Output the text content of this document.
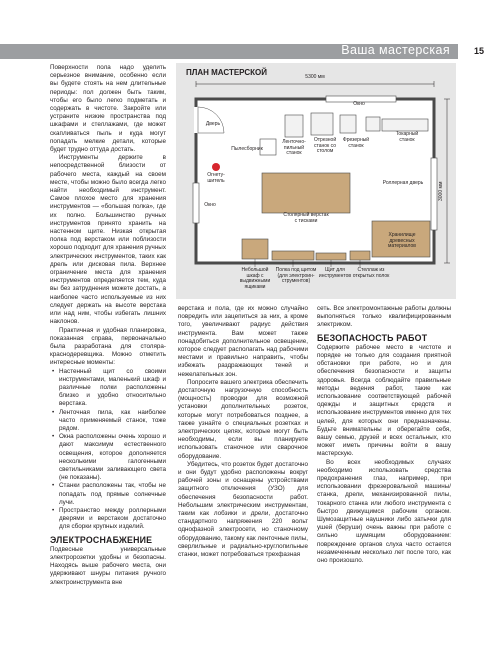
Ваша мастерская	15

Поверхности пола надо уделить серьезное внимание, особенно если вы будете стоять на нем длительные периоды: пол должен быть таким, чтобы его было легко подметать и содержать в чистоте. Закройте или устраните низкие пространства под шкафами и стеллажами, где может скапливаться пыль и куда могут попадать мелкие детали, которые будет трудно оттуда достать.

Инструменты держите в непосредственной близости от рабочего места, каждый на своем месте, чтобы можно было всегда легко найти необходимый инструмент. Самое плохое место для хранения инструментов — «большая полка», где их полно. Большинство ручных инструментов принято хранить на настенном щите. Низкая открытая полка под верстаком или поблизости хорошо подходит для хранения ручных электрических инструментов, таких как дрель или дисковая пила. Верхнее ограничение места для хранения инструментов определяется тем, куда вы без затруднения можете достать, а наиболее часто используемые из них следует держать на высоте верстака или над ним, чтобы избегать лишних наклонов.

Практичная и удобная планировка, показанная справа, первоначально была разработана для столяра-краснодеревщика. Можно отметить интересные моменты:

• Настенный щит со своими инструментами, маленький шкаф и различные полки расположены близко и удобно относительно верстака.
• Ленточная пила, как наиболее часто применяемый станок, тоже рядом.
• Окна расположены очень хорошо и дают максимум естественного освещения, которое дополняется несколькими галогенными светильниками заливающего света (не показаны).
• Станки расположены так, чтобы не попадать под прямые солнечные лучи.
• Пространство между роллерными дверями и верстаком достаточно для сборки крупных изделий.
ЭЛЕКТРОСНАБЖЕНИЕ

Подвесные универсальные электророзетки удобны и безопасны. Находясь выше рабочего места, они удерживают шнуры питания ручного электроинструмента вне

ПЛАН МАСТЕРСКОЙ	5300 мм
3000 мм
Окно
Дверь
Пылесборник
Ленточно-
пильный
станок
Отрезной
станок со
столом
Фрезерный
станок
Токарный станок
Огнету-
шитель	Роллерная дверь
Окно
Столярный верстак
с тисками
Хранилище
древесных
материалов
Небольшой
шкаф с
выдвижными
ящиками
Полка под щитом
(для электроин-
струментов)
Щит для
инструментов
Стеллаж из
открытых полок

верстака и пола, где их можно случайно повредить или зацепиться за них, а кроме того, увеличивают радиус действия инструмента. Вам может также понадобиться дополнительное освещение, которое следует располагать над рабочими местами и правильно направить, чтобы избежать раздражающих теней и нежелательных зон.

Попросите вашего электрика обеспечить достаточную нагрузочную способность (мощность) проводки для возможной установки дополнительных розеток, которые могут потребоваться позднее, а также узнайте о специальных розетках и электрических цепях, которые могут быть необходимы, если вы планируете использовать станочное или сварочное оборудование.

Убедитесь, что розеток будет достаточно и они будут удобно расположены вокруг рабочей зоны и оснащены устройствами защитного отключения (УЗО) для обеспечения безопасности работ. Небольшим электрическим инструментам, таким как лобзики и дрели, достаточно стандартного напряжения 220 вольт однофазной электросети, но станочному оборудованию, такому как ленточные пилы, сверлильные и радиально-круглопильные станки, может потребоваться трехфазная

сеть. Все электромонтажные работы должны выполняться только квалифицированным электриком.

БЕЗОПАСНОСТЬ РАБОТ

Содержите рабочее место в чистоте и порядке не только для создания приятной обстановки при работе, но и для обеспечения безопасности и защиты здоровья. Всегда соблюдайте правильные методы ведения работ, такие как использование соответствующей рабочей одежды и защитных средств и использование инструментов именно для тех целей, для которых они предназначены. Будьте внимательны и оберегайте себя, вашу семью, друзей и всех остальных, кто может иметь причины войти в вашу мастерскую.

Во всех необходимых случаях необходимо использовать средства предохранения глаз, например, при использовании фрезеровальной машины/станка, дрели, механизированной пилы, токарного станка или любого инструмента с быстро движущимся рабочим органом. Шумозащитные наушники либо затычки для ушей (беруши) очень важны при работе с сильно шумящим оборудованием: повреждение органов слуха часто остается незамеченным несколько лет после того, как оно произошло.
